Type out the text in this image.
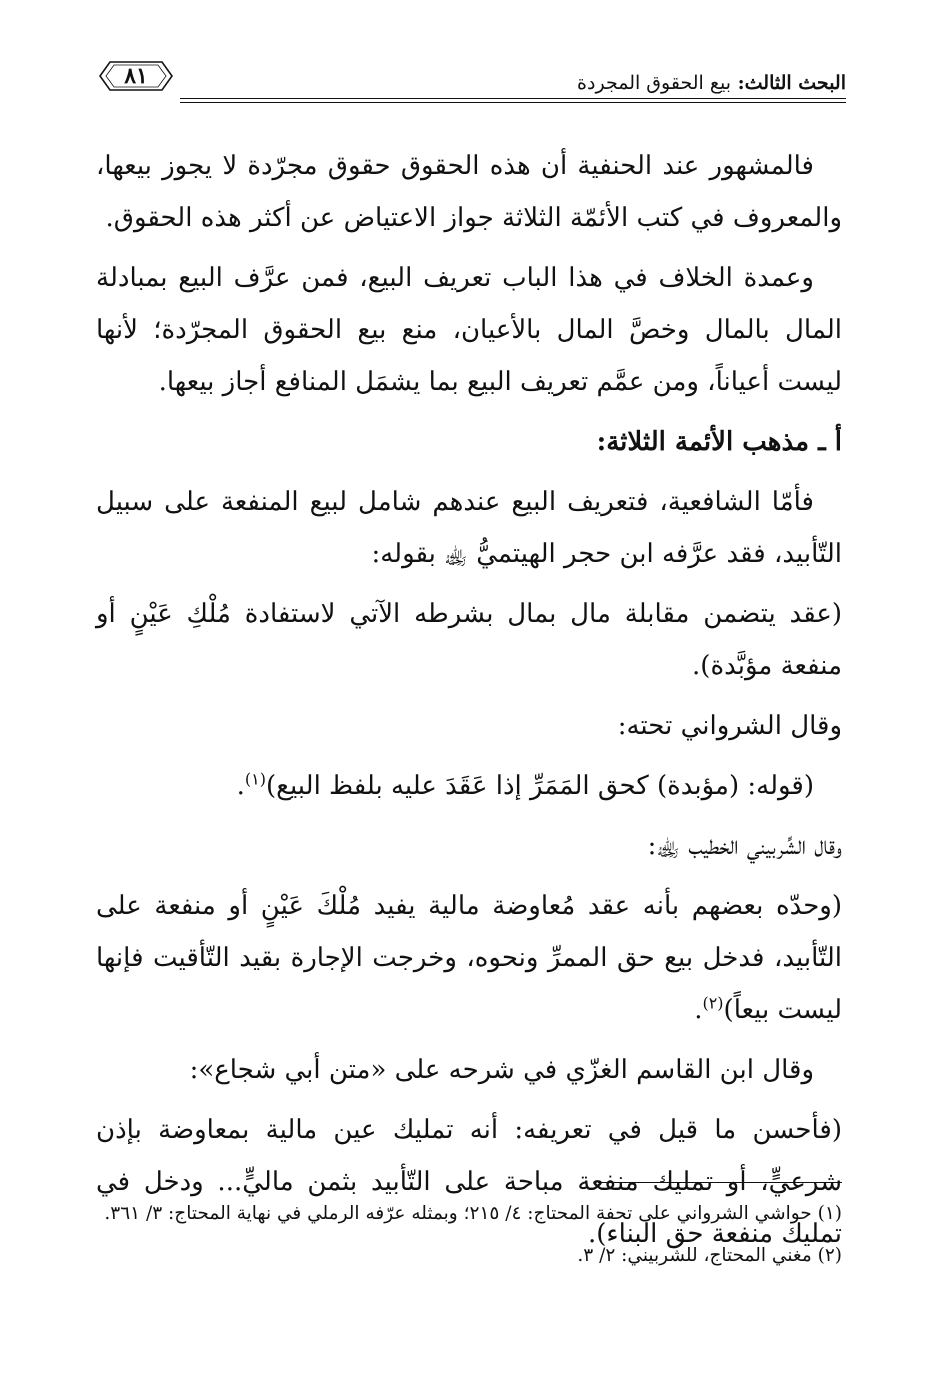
البحث الثالث: بيع الحقوق المجردة
٨١

فالمشهور عند الحنفية أن هذه الحقوق حقوق مجرّدة لا يجوز بيعها، والمعروف في كتب الأئمّة الثلاثة جواز الاعتياض عن أكثر هذه الحقوق.

وعمدة الخلاف في هذا الباب تعريف البيع، فمن عرَّف البيع بمبادلة المال بالمال وخصَّ المال بالأعيان، منع بيع الحقوق المجرّدة؛ لأنها ليست أعياناً، ومن عمَّم تعريف البيع بما يشمَل المنافع أجاز بيعها.

أ ـ مذهب الأئمة الثلاثة:

فأمّا الشافعية، فتعريف البيع عندهم شامل لبيع المنفعة على سبيل التّأبيد، فقد عرَّفه ابن حجر الهيتميُّ ﵀ بقوله:

(عقد يتضمن مقابلة مال بمال بشرطه الآتي لاستفادة مُلْكِ عَيْنٍ أو منفعة مؤبَّدة).

وقال الشرواني تحته:

(قوله: (مؤبدة) كحق المَمَرِّ إذا عَقَدَ عليه بلفظ البيع)$^{(١)}$.

وقال الشِّربيني الخطيب ﵀:

(وحدّه بعضهم بأنه عقد مُعاوضة مالية يفيد مُلْكَ عَيْنٍ أو منفعة على التّأبيد، فدخل بيع حق الممرِّ ونحوه، وخرجت الإجارة بقيد التّأقيت فإنها ليست بيعاً)$^{(٢)}$.

وقال ابن القاسم الغزّي في شرحه على «متن أبي شجاع»:

(فأحسن ما قيل في تعريفه: أنه تمليك عين مالية بمعاوضة بإذن شرعيٍّ، أو تمليك منفعة مباحة على التّأبيد بثمن ماليٍّ... ودخل في تمليك منفعة حق البناء).

(١) حواشي الشرواني على تحفة المحتاج: ٤/ ٢١٥؛ وبمثله عرّفه الرملي في نهاية المحتاج: ٣/ ٣٦١.

(٢) مغني المحتاج، للشربيني: ٢/ ٣.
